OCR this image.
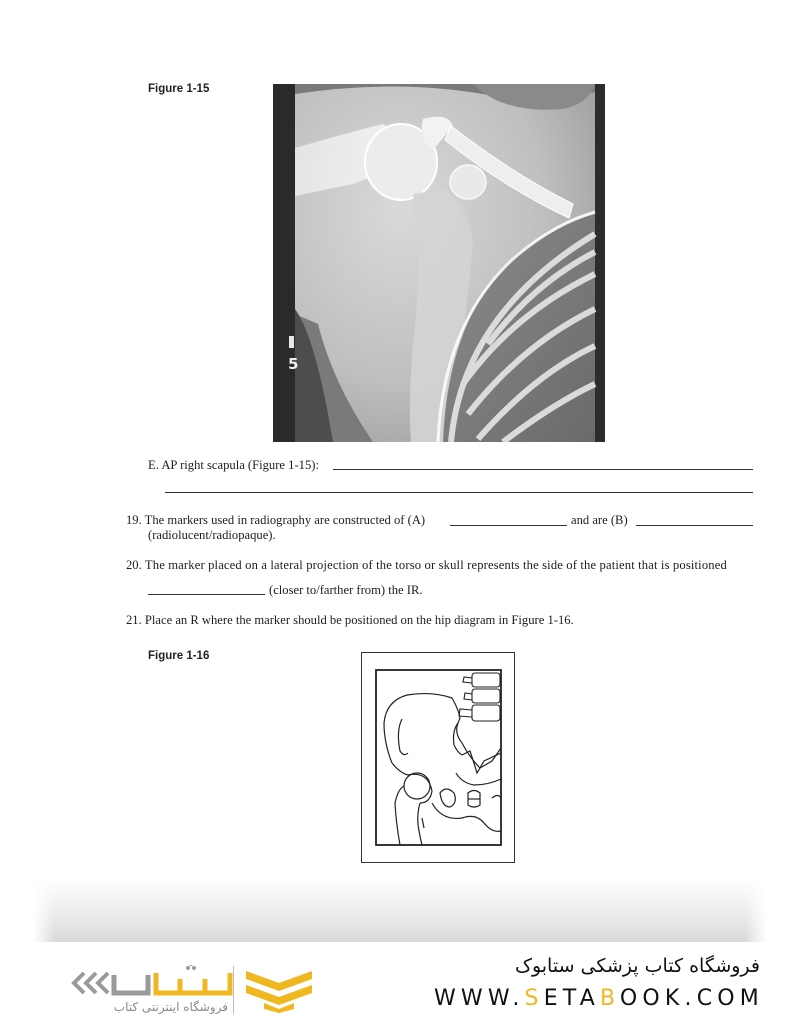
Figure 1-15
5
E. AP right scapula (Figure 1-15):
19. The markers used in radiography are constructed of (A)	and are (B)
(radiolucent/radiopaque).
20. The marker placed on a lateral projection of the torso or skull represents the side of the patient that is positioned
(closer to/farther from) the IR.
21. Place an R where the marker should be positioned on the hip diagram in Figure 1-16.
Figure 1-16
فروشگاه کتاب پزشکی ستابوک
WWW.SETABOOK.COM
فروشگاه اینترنتی کتاب
